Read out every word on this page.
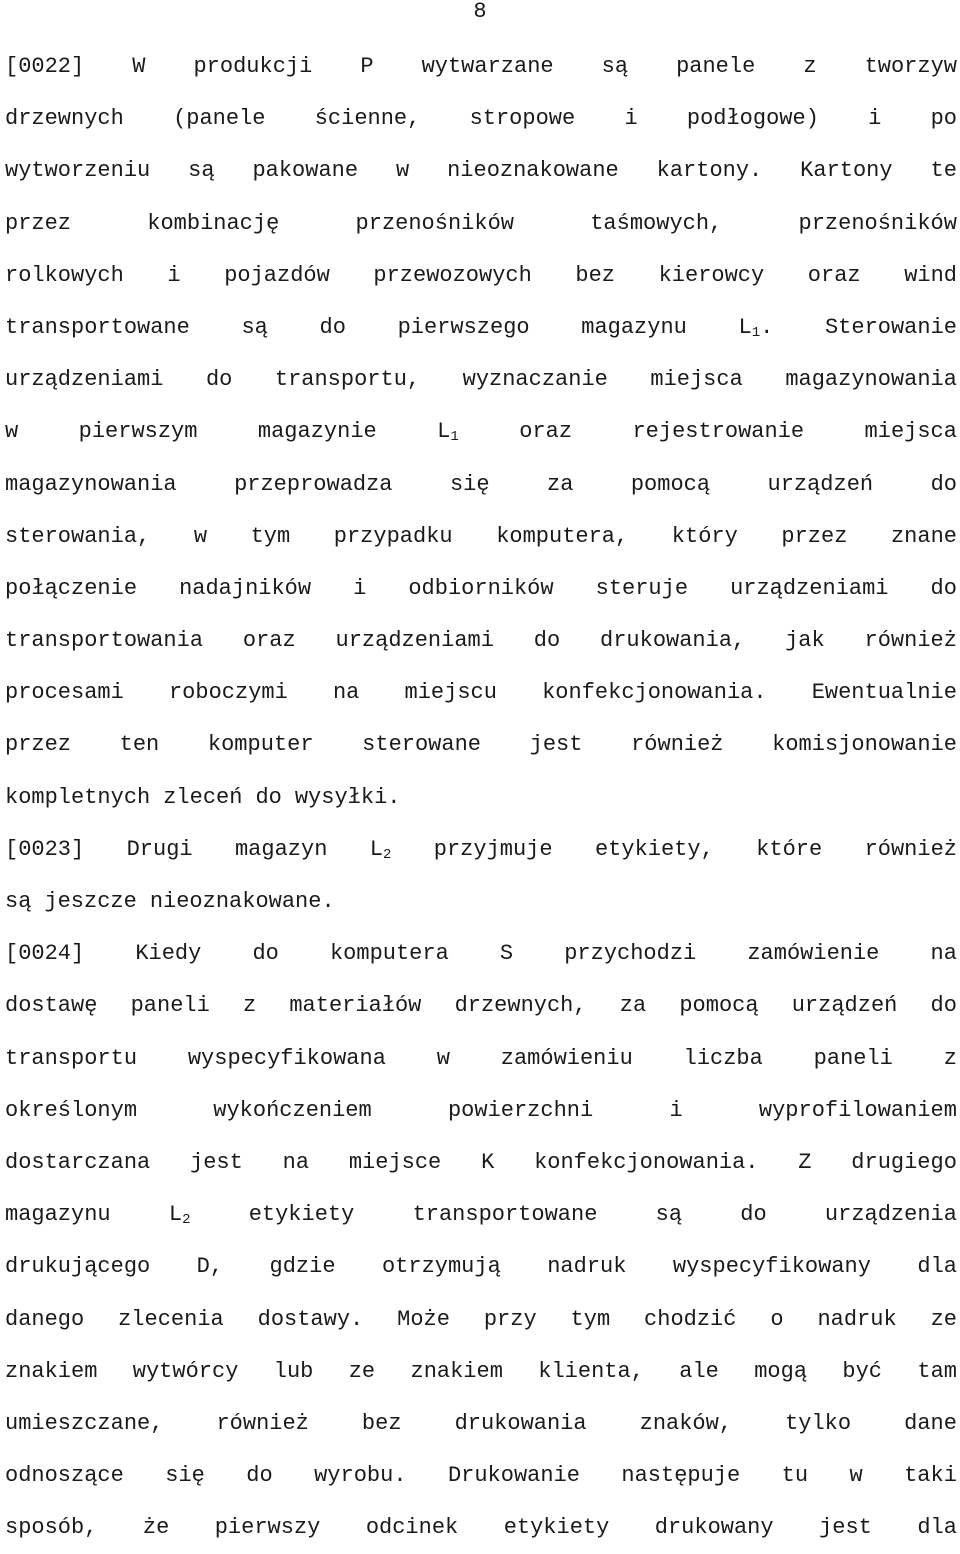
8
[0022] W produkcji P wytwarzane są panele z tworzyw
drzewnych (panele ścienne, stropowe i podłogowe) i po
wytworzeniu są pakowane w nieoznakowane kartony. Kartony te
przez	kombinację	przenośników	taśmowych,	przenośników
rolkowych i pojazdów przewozowych bez kierowcy oraz wind
transportowane są do pierwszego magazynu $L_1$. Sterowanie
urządzeniami do transportu, wyznaczanie miejsca magazynowania
w	pierwszym	magazynie	$L_1$	oraz	rejestrowanie	miejsca
magazynowania	przeprowadza	się	za	pomocą	urządzeń	do
sterowania, w tym przypadku komputera, który przez znane
połączenie nadajników i odbiorników steruje urządzeniami do
transportowania oraz urządzeniami do drukowania, jak również
procesami roboczymi na miejscu konfekcjonowania. Ewentualnie
przez ten komputer sterowane jest również komisjonowanie
kompletnych zleceń do wysyłki.
[0023] Drugi magazyn $L_2$ przyjmuje etykiety, które również
są jeszcze nieoznakowane.
[0024] Kiedy do komputera S przychodzi zamówienie na
dostawę paneli z materiałów drzewnych, za pomocą urządzeń do
transportu wyspecyfikowana w zamówieniu liczba paneli z
określonym	wykończeniem	powierzchni	i	wyprofilowaniem
dostarczana jest na miejsce K konfekcjonowania. Z drugiego
magazynu	$L_2$	etykiety	transportowane	są	do	urządzenia
drukującego D, gdzie otrzymują nadruk wyspecyfikowany dla
danego zlecenia dostawy. Może przy tym chodzić o nadruk ze
znakiem wytwórcy lub ze znakiem klienta, ale mogą być tam
umieszczane, również bez drukowania znaków, tylko dane
odnoszące się do wyrobu. Drukowanie następuje tu w taki
sposób, że pierwszy odcinek etykiety drukowany jest dla
